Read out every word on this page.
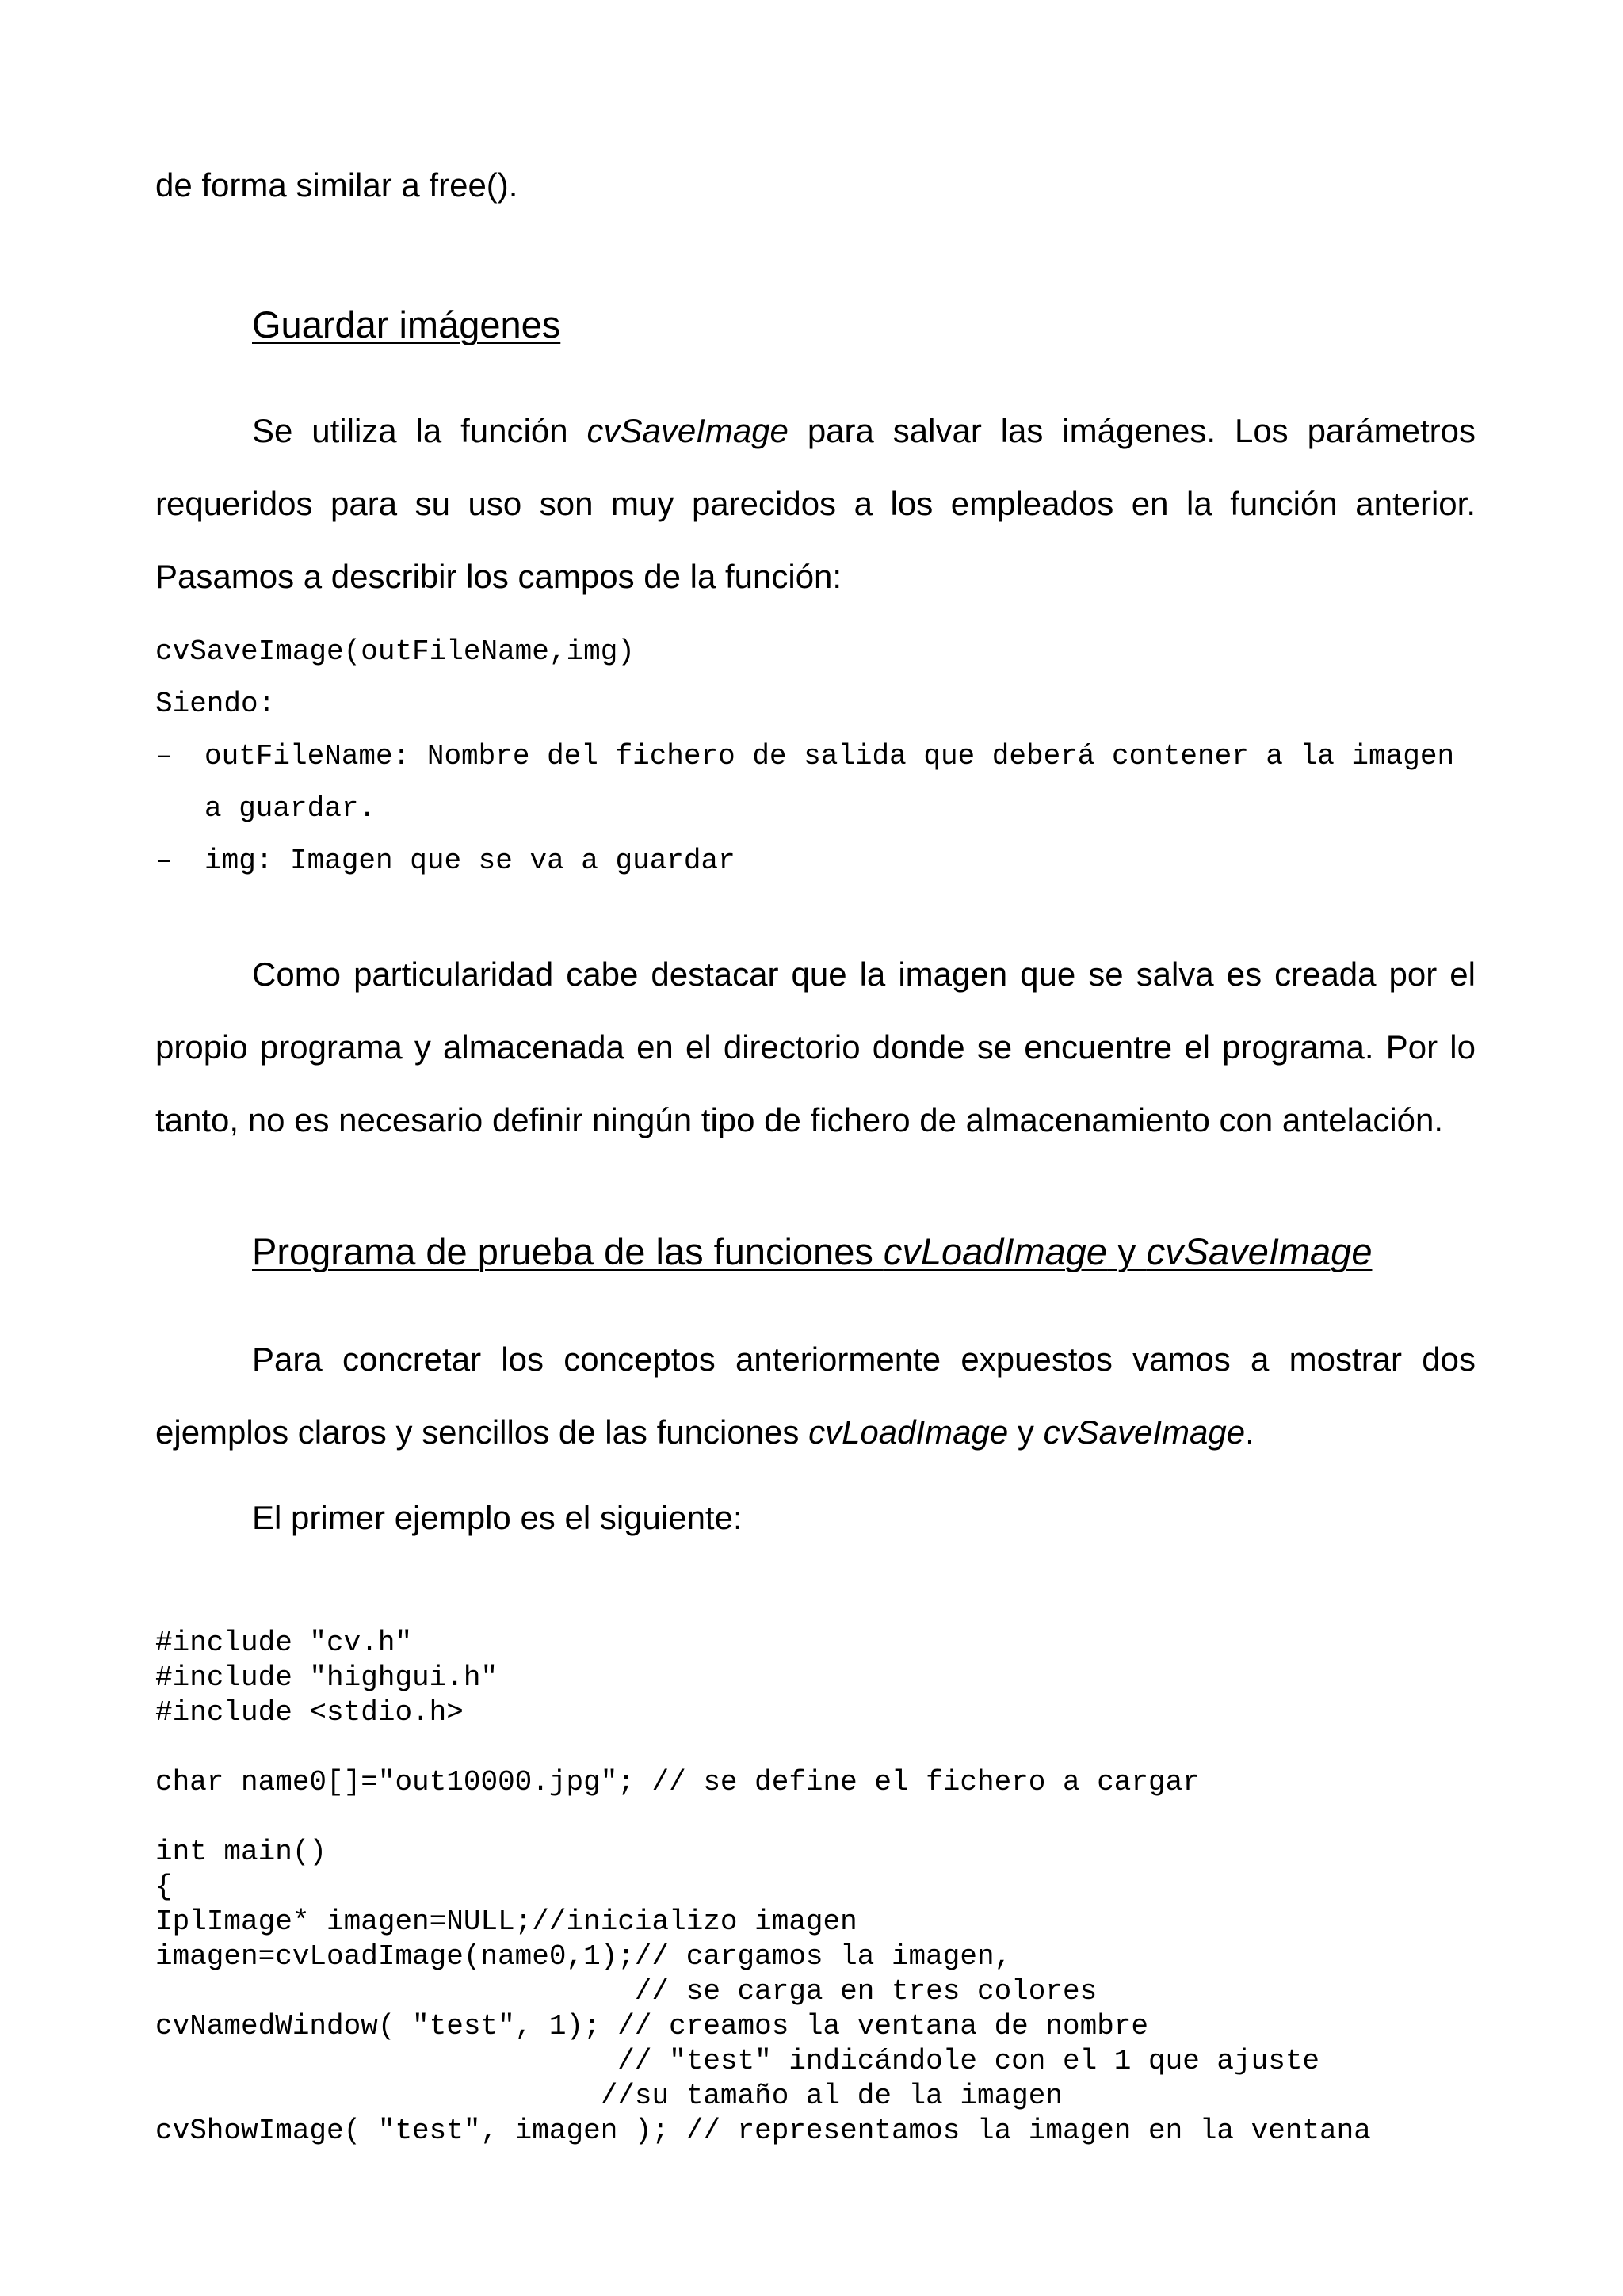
de forma similar a free().

Guardar imágenes

Se utiliza la función cvSaveImage para salvar las imágenes. Los parámetros requeridos para su uso son muy parecidos a los empleados en la función anterior. Pasamos a describir los campos de la función:

cvSaveImage(outFileName,img)

Siendo:

– outFileName: Nombre del fichero de salida que deberá contener a la imagen a guardar.
– img: Imagen que se va a guardar

Como particularidad cabe destacar que la imagen que se salva es creada por el propio programa y almacenada en el directorio donde se encuentre el programa. Por lo tanto, no es necesario definir ningún tipo de fichero de almacenamiento con antelación.

Programa de prueba de las funciones cvLoadImage y cvSaveImage

Para concretar los conceptos anteriormente expuestos vamos a mostrar dos ejemplos claros y sencillos de las funciones cvLoadImage y cvSaveImage.

El primer ejemplo es el siguiente:

#include "cv.h"

#include "highgui.h"

#include <stdio.h>

char name0[]="out10000.jpg"; // se define el fichero a cargar

int main()

{

IplImage* imagen=NULL;//inicializo imagen

imagen=cvLoadImage(name0,1);// cargamos la imagen,

// se carga en tres colores

cvNamedWindow( "test", 1); // creamos la ventana de nombre

// "test" indicándole con el 1 que ajuste

//su tamaño al de la imagen

cvShowImage( "test", imagen ); // representamos la imagen en la ventana
